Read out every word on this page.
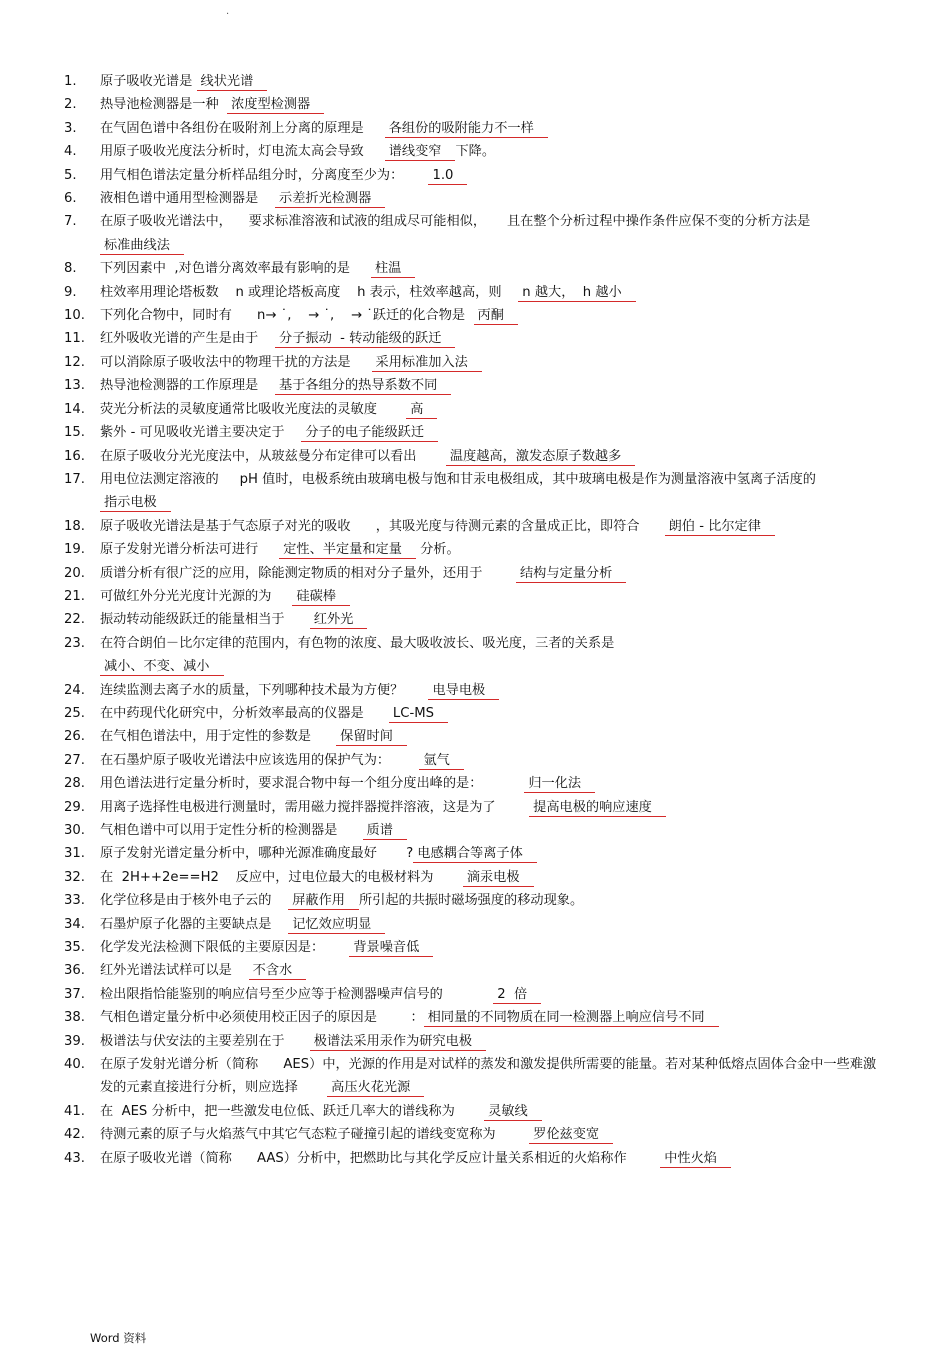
.
1.	原子吸收光谱是 线状光谱
2.	热导池检测器是一种  浓度型检测器
3.	在气固色谱中各组份在吸附剂上分离的原理是     各组份的吸附能力不一样
4.	用原子吸收光度法分析时，灯电流太高会导致     谱线变窄 下降。
5.	用气相色谱法定量分析样品组分时，分离度至少为：      1.0
6.	液相色谱中通用型检测器是    示差折光检测器
7.	在原子吸收光谱法中，    要求标准溶液和试液的组成尽可能相似，     且在整个分析过程中操作条件应保不变的分析方法是 标准曲线法
8.	下列因素中  ,对色谱分离效率最有影响的是     柱温
9.	柱效率用理论塔板数    n 或理论塔板高度    h 表示，柱效率越高，则    n 越大，  h 越小
10.	下列化合物中，同时有      n→ ˙,    → ˙,    → ˙跃迁的化合物是  丙酮
11.	红外吸收光谱的产生是由于    分子振动  - 转动能级的跃迁
12.	可以消除原子吸收法中的物理干扰的方法是     采用标准加入法
13.	热导池检测器的工作原理是    基于各组分的热导系数不同
14.	荧光分析法的灵敏度通常比吸收光度法的灵敏度       高
15.	紫外 - 可见吸收光谱主要决定于    分子的电子能级跃迁
16.	在原子吸收分光光度法中，从玻兹曼分布定律可以看出       温度越高，激发态原子数越多
17.	用电位法测定溶液的     pH 值时，电极系统由玻璃电极与饱和甘汞电极组成，其中玻璃电极是作为测量溶液中氢离子活度的 指示电极
18.	原子吸收光谱法是基于气态原子对光的吸收      ，其吸光度与待测元素的含量成正比，即符合      朗伯 - 比尔定律
19.	原子发射光谱分析法可进行     定性、半定量和定量 分析。
20.	质谱分析有很广泛的应用，除能测定物质的相对分子量外，还用于        结构与定量分析
21.	可做红外分光光度计光源的为     硅碳棒
22.	振动转动能级跃迁的能量相当于      红外光
23.	在符合朗伯－比尔定律的范围内，有色物的浓度、最大吸收波长、吸光度，三者的关系是                                   减小、不变、减小
24.	连续监测去离子水的质量，下列哪种技术最为方便？      电导电极
25.	在中药现代化研究中，分析效率最高的仪器是      LC-MS
26.	在气相色谱法中，用于定性的参数是      保留时间
27.	在石墨炉原子吸收光谱法中应该选用的保护气为：       氩气
28.	用色谱法进行定量分析时，要求混合物中每一个组分度出峰的是：          归一化法
29.	用离子选择性电极进行测量时，需用磁力搅拌器搅拌溶液，这是为了        提高电极的响应速度
30.	气相色谱中可以用于定性分析的检测器是      质谱
31.	原子发射光谱定量分析中，哪种光源准确度最好       ? 电感耦合等离子体
32.	在  2H++2e==H2    反应中，过电位最大的电极材料为       滴汞电极
33.	化学位移是由于核外电子云的    屏蔽作用 所引起的共振时磁场强度的移动现象。
34.	石墨炉原子化器的主要缺点是    记忆效应明显
35.	化学发光法检测下限低的主要原因是：      背景噪音低
36.	红外光谱法试样可以是    不含水
37.	检出限指恰能鉴别的响应信号至少应等于检测器噪声信号的            2  倍
38.	气相色谱定量分析中必须使用校正因子的原因是        ： 相同量的不同物质在同一检测器上响应信号不同
39.	极谱法与伏安法的主要差别在于      极谱法采用汞作为研究电极
40.	在原子发射光谱分析（简称      AES）中，光源的作用是对试样的蒸发和激发提供所需要的能量。若对某种低熔点固体合金中一些难激发的元素直接进行分析，则应选择       高压火花光源
41.	在  AES 分析中，把一些激发电位低、跃迁几率大的谱线称为       灵敏线
42.	待测元素的原子与火焰蒸气中其它气态粒子碰撞引起的谱线变宽称为        罗伦兹变宽
43.	在原子吸收光谱（简称      AAS）分析中，把燃助比与其化学反应计量关系相近的火焰称作        中性火焰
Word 资料
